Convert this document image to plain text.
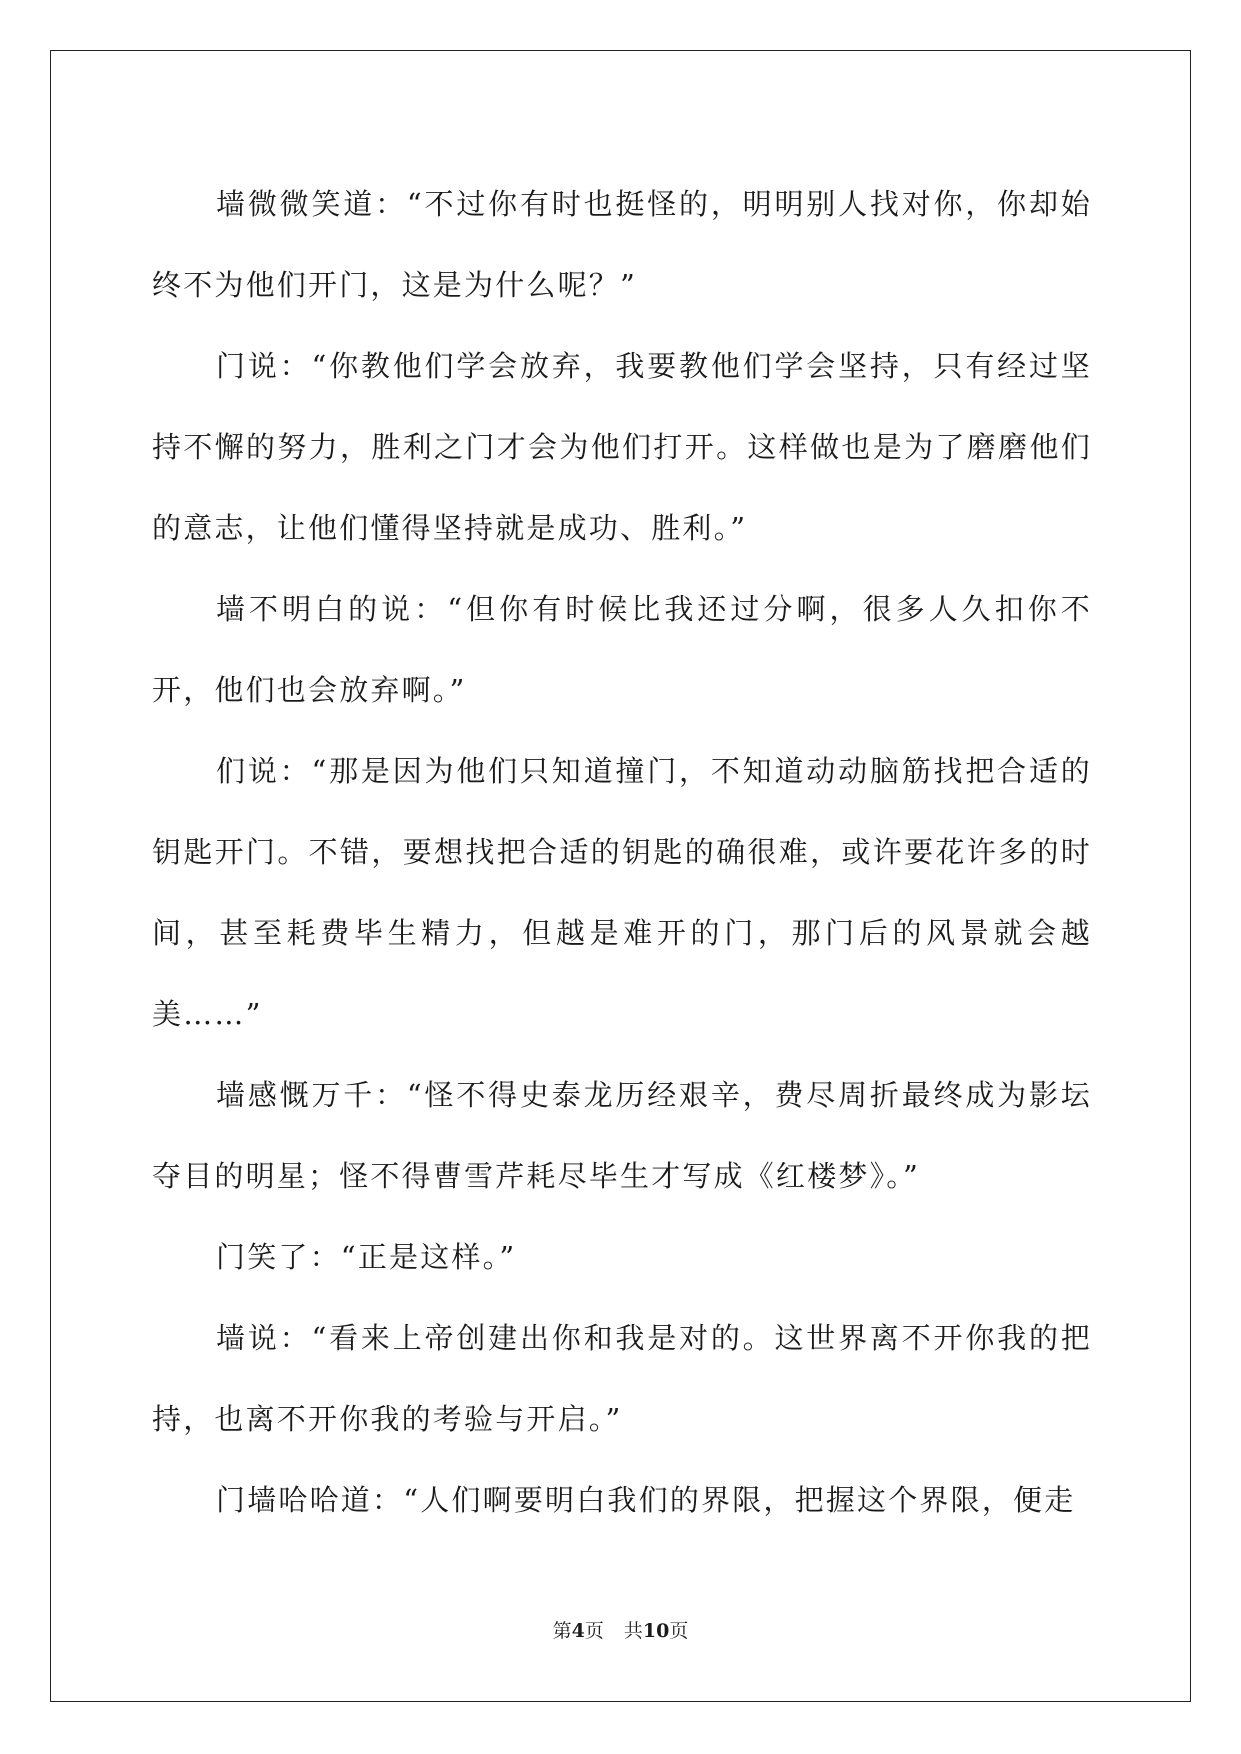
墙微微笑道：“不过你有时也挺怪的，明明别人找对你，你却始终不为他们开门，这是为什么呢？”

门说：“你教他们学会放弃，我要教他们学会坚持，只有经过坚持不懈的努力，胜利之门才会为他们打开。这样做也是为了磨磨他们的意志，让他们懂得坚持就是成功、胜利。”

墙不明白的说：“但你有时候比我还过分啊，很多人久扣你不开，他们也会放弃啊。”

们说：“那是因为他们只知道撞门，不知道动动脑筋找把合适的钥匙开门。不错，要想找把合适的钥匙的确很难，或许要花许多的时间，甚至耗费毕生精力，但越是难开的门，那门后的风景就会越美……”

墙感慨万千：“怪不得史泰龙历经艰辛，费尽周折最终成为影坛夺目的明星；怪不得曹雪芹耗尽毕生才写成《红楼梦》。”

门笑了：“正是这样。”

墙说：“看来上帝创建出你和我是对的。这世界离不开你我的把持，也离不开你我的考验与开启。”

门墙哈哈道：“人们啊要明白我们的界限，把握这个界限，便走

第4页 共10页
